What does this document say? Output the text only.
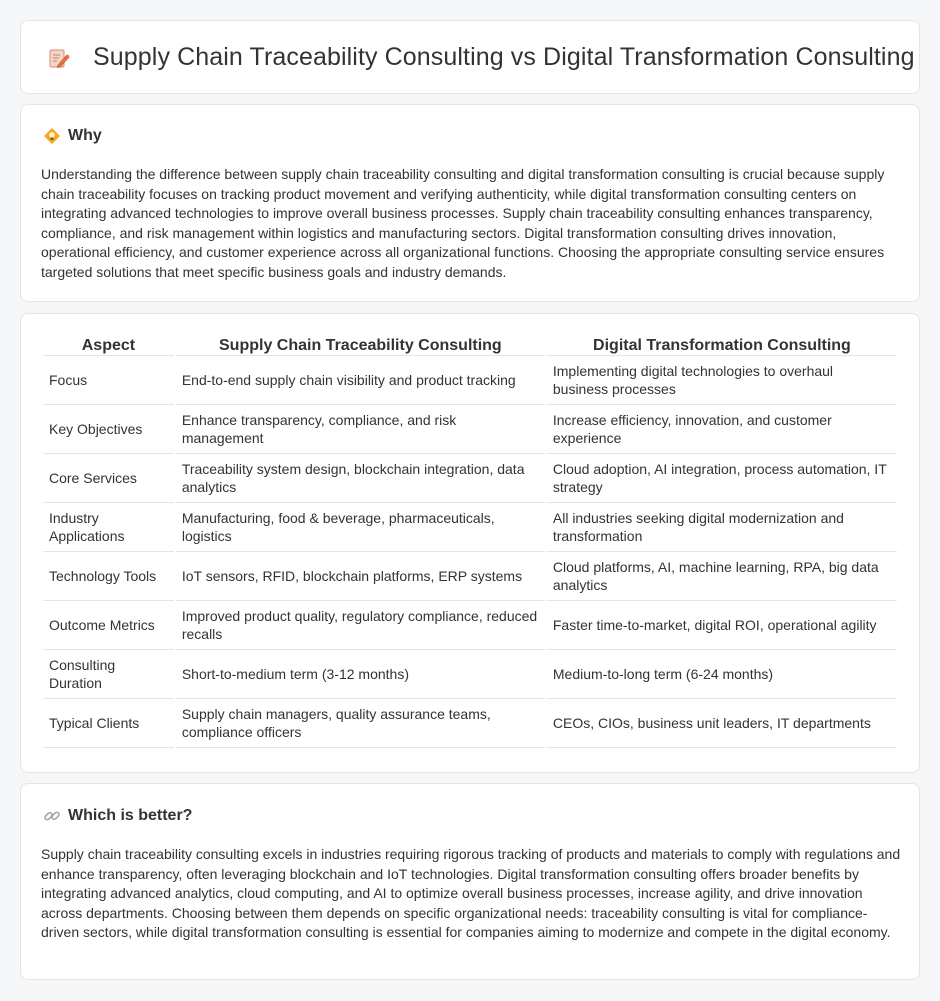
Supply Chain Traceability Consulting vs Digital Transformation Consulting
Why

Understanding the difference between supply chain traceability consulting and digital transformation consulting is crucial because supply chain traceability focuses on tracking product movement and verifying authenticity, while digital transformation consulting centers on integrating advanced technologies to improve overall business processes. Supply chain traceability consulting enhances transparency, compliance, and risk management within logistics and manufacturing sectors. Digital transformation consulting drives innovation, operational efficiency, and customer experience across all organizational functions. Choosing the appropriate consulting service ensures targeted solutions that meet specific business goals and industry demands.

Aspect	Supply Chain Traceability Consulting	Digital Transformation Consulting
Focus	End-to-end supply chain visibility and product tracking	Implementing digital technologies to overhaul business processes
Key Objectives	Enhance transparency, compliance, and risk management	Increase efficiency, innovation, and customer experience
Core Services	Traceability system design, blockchain integration, data analytics	Cloud adoption, AI integration, process automation, IT strategy
Industry Applications	Manufacturing, food & beverage, pharmaceuticals, logistics	All industries seeking digital modernization and transformation
Technology Tools	IoT sensors, RFID, blockchain platforms, ERP systems	Cloud platforms, AI, machine learning, RPA, big data analytics
Outcome Metrics	Improved product quality, regulatory compliance, reduced recalls	Faster time-to-market, digital ROI, operational agility
Consulting Duration	Short-to-medium term (3-12 months)	Medium-to-long term (6-24 months)
Typical Clients	Supply chain managers, quality assurance teams, compliance officers	CEOs, CIOs, business unit leaders, IT departments
Which is better?

Supply chain traceability consulting excels in industries requiring rigorous tracking of products and materials to comply with regulations and enhance transparency, often leveraging blockchain and IoT technologies. Digital transformation consulting offers broader benefits by integrating advanced analytics, cloud computing, and AI to optimize overall business processes, increase agility, and drive innovation across departments. Choosing between them depends on specific organizational needs: traceability consulting is vital for compliance-driven sectors, while digital transformation consulting is essential for companies aiming to modernize and compete in the digital economy.
